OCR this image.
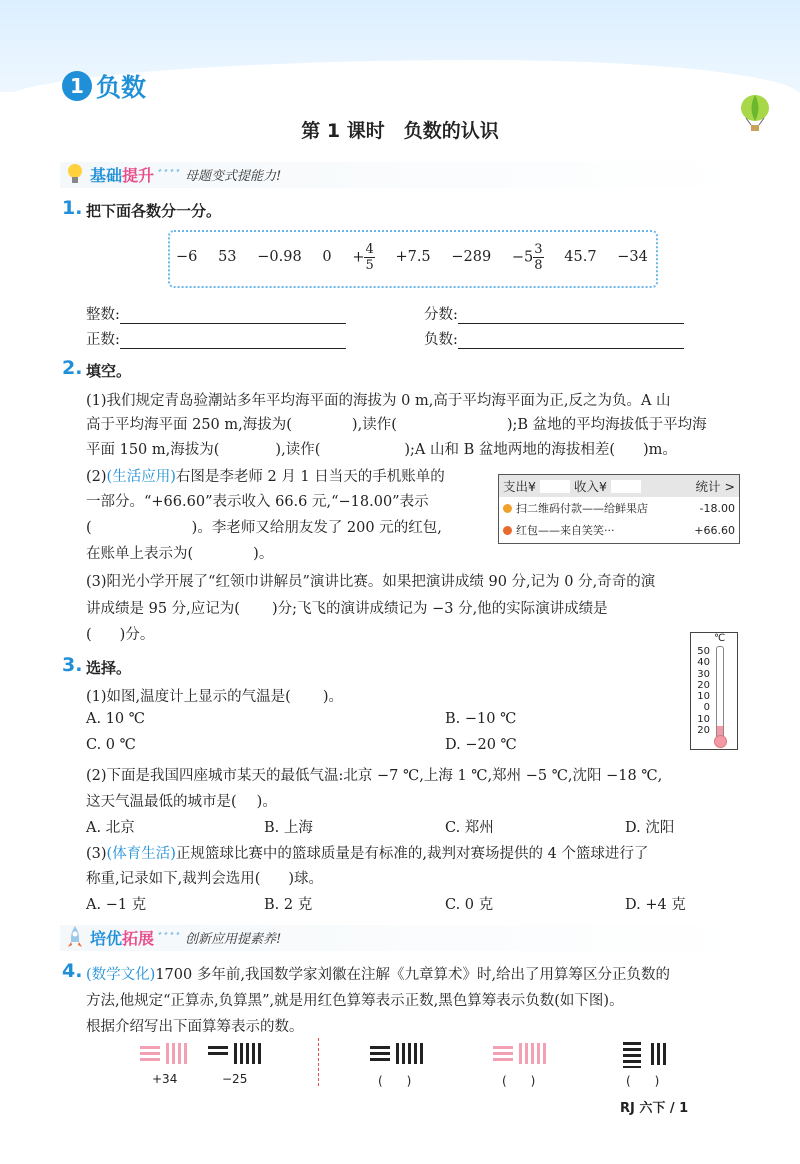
1 负数
第 1 课时　负数的认识
基础提升 ﾞﾞﾞﾞ 母题变式提能力!
1. 把下面各数分一分。
−6 53 −0.98 $0 + \frac{4}{5} +7.5 -289 -5 \frac{3}{8} 45.7 -34$
整数:	分数:
正数:	负数:
2. 填空。
(1)我们规定青岛验潮站多年平均海平面的海拔为 0 m,高于平均海平面为正,反之为负。A 山
高于平均海平面 250 m,海拔为(	),读作(	);B 盆地的平均海拔低于平均海
平面 150 m,海拔为(	),读作(	);A 山和 B 盆地两地的海拔相差( )m。
(2)(生活应用)右图是李老师 2 月 1 日当天的手机账单的
一部分。“+66.60”表示收入 66.6 元,“−18.00”表示
(	)。李老师又给朋友发了 200 元的红包,
在账单上表示为(	)。
支出¥	收入¥	统计 >
扫二维码付款——给鲜果店	-18.00
红包——来自笑笑···	+66.60
(3)阳光小学开展了“红领巾讲解员”演讲比赛。如果把演讲成绩 90 分,记为 0 分,奇奇的演
讲成绩是 95 分,应记为( )分;飞飞的演讲成绩记为 −3 分,他的实际演讲成绩是
( )分。	℃
50
40
30
20
10
0
10
20
3. 选择。
(1)如图,温度计上显示的气温是( )。
A. 10 ℃	B. −10 ℃
C. 0 ℃	D. −20 ℃
(2)下面是我国四座城市某天的最低气温:北京 −7 ℃,上海 1 ℃,郑州 −5 ℃,沈阳 −18 ℃,
这天气温最低的城市是( )。
A. 北京	B. 上海	C. 郑州	D. 沈阳
(3)(体育生活)正规篮球比赛中的篮球质量是有标准的,裁判对赛场提供的 4 个篮球进行了
称重,记录如下,裁判会选用( )球。
A. −1 克	B. 2 克	C. 0 克	D. +4 克
培优拓展 ﾞﾞﾞﾞ 创新应用提素养!
4. (数学文化)1700 多年前,我国数学家刘徽在注解《九章算术》时,给出了用算筹区分正负数的
方法,他规定“正算赤,负算黑”,就是用红色算筹表示正数,黑色算筹表示负数(如下图)。
根据介绍写出下面算筹表示的数。
+34	−25	(　　)	(　　)	(　　)
RJ 六下 / 1
